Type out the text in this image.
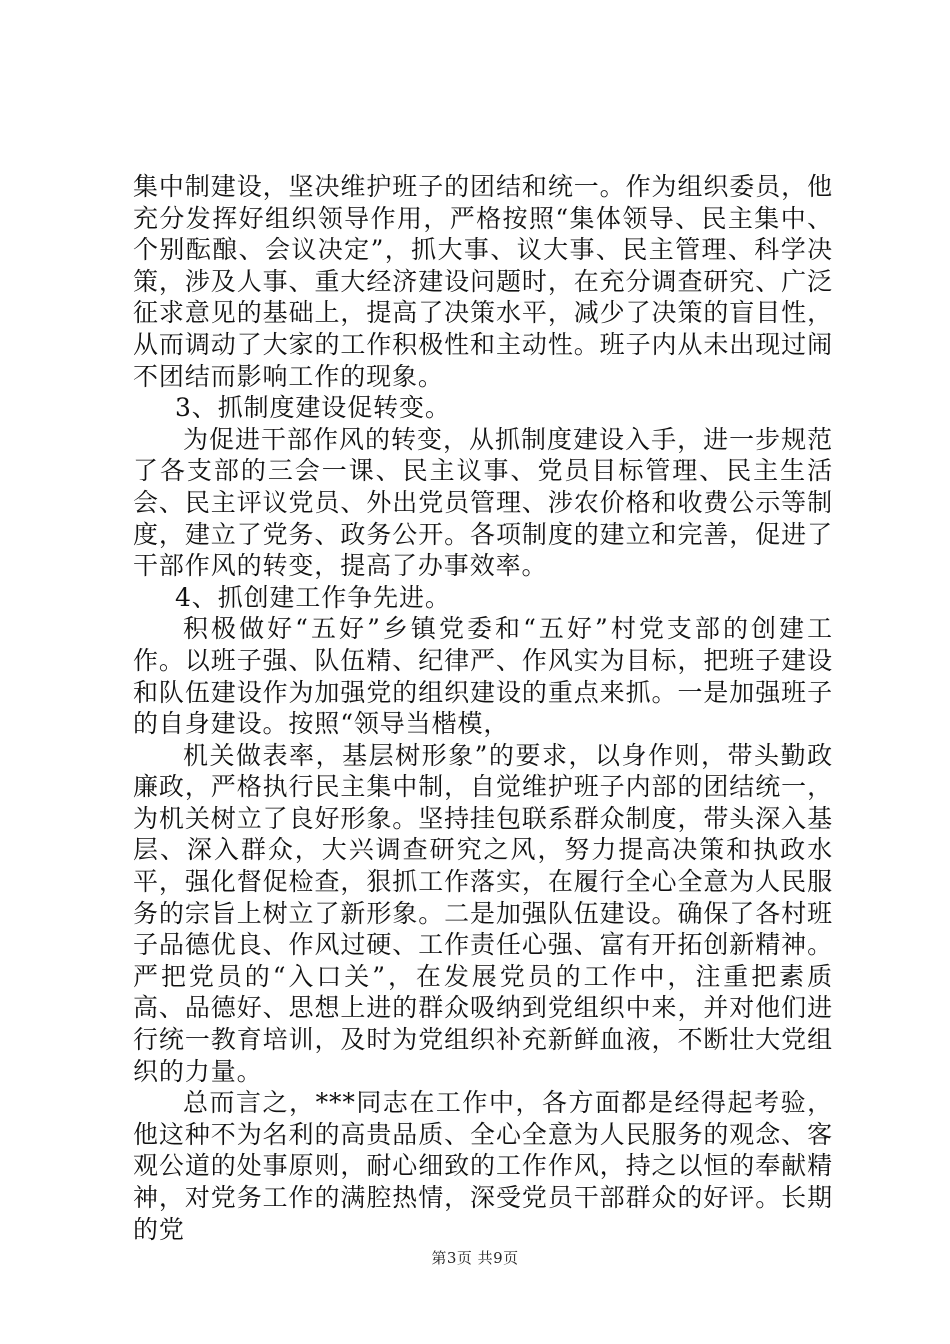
集中制建设，坚决维护班子的团结和统一。作为组织委员，他充分发挥好组织领导作用，严格按照“集体领导、民主集中、个别酝酿、会议决定”，抓大事、议大事、民主管理、科学决策，涉及人事、重大经济建设问题时，在充分调查研究、广泛征求意见的基础上，提高了决策水平，减少了决策的盲目性，从而调动了大家的工作积极性和主动性。班子内从未出现过闹不团结而影响工作的现象。

3、抓制度建设促转变。

为促进干部作风的转变，从抓制度建设入手，进一步规范了各支部的三会一课、民主议事、党员目标管理、民主生活会、民主评议党员、外出党员管理、涉农价格和收费公示等制度，建立了党务、政务公开。各项制度的建立和完善，促进了干部作风的转变，提高了办事效率。

4、抓创建工作争先进。

积极做好“五好”乡镇党委和“五好”村党支部的创建工作。以班子强、队伍精、纪律严、作风实为目标，把班子建设和队伍建设作为加强党的组织建设的重点来抓。一是加强班子的自身建设。按照“领导当楷模，

机关做表率，基层树形象”的要求，以身作则，带头勤政廉政，严格执行民主集中制，自觉维护班子内部的团结统一，为机关树立了良好形象。坚持挂包联系群众制度，带头深入基层、深入群众，大兴调查研究之风，努力提高决策和执政水平，强化督促检查，狠抓工作落实，在履行全心全意为人民服务的宗旨上树立了新形象。二是加强队伍建设。确保了各村班子品德优良、作风过硬、工作责任心强、富有开拓创新精神。严把党员的“入口关”，在发展党员的工作中，注重把素质高、品德好、思想上进的群众吸纳到党组织中来，并对他们进行统一教育培训，及时为党组织补充新鲜血液，不断壮大党组织的力量。

总而言之，***同志在工作中，各方面都是经得起考验，他这种不为名利的高贵品质、全心全意为人民服务的观念、客观公道的处事原则，耐心细致的工作作风，持之以恒的奉献精神，对党务工作的满腔热情，深受党员干部群众的好评。长期的党

第3页 共9页
